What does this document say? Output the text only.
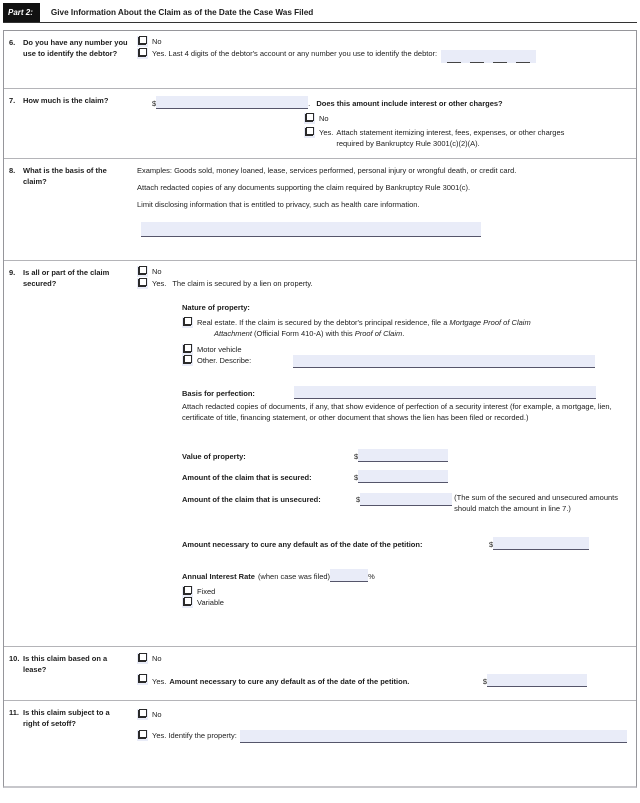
Part 2:	Give Information About the Claim as of the Date the Case Was Filed
6.	Do you have any number you use to identify the debtor?
No
Yes. Last 4 digits of the debtor's account or any number you use to identify the debtor:
7.	How much is the claim?	$	. Does this amount include interest or other charges?
No
Yes. Attach statement itemizing interest, fees, expenses, or other charges required by Bankruptcy Rule 3001(c)(2)(A).
8.	What is the basis of the claim?
Examples: Goods sold, money loaned, lease, services performed, personal injury or wrongful death, or credit card.
Attach redacted copies of any documents supporting the claim required by Bankruptcy Rule 3001(c).
Limit disclosing information that is entitled to privacy, such as health care information.
9.	Is all or part of the claim secured?
No
Yes. The claim is secured by a lien on property.
Nature of property:
Real estate. If the claim is secured by the debtor's principal residence, file a Mortgage Proof of Claim
Attachment (Official Form 410-A) with this Proof of Claim.
Motor vehicle
Other. Describe:
Basis for perfection:
Attach redacted copies of documents, if any, that show evidence of perfection of a security interest (for example, a mortgage, lien, certificate of title, financing statement, or other document that shows the lien has been filed or recorded.)
Value of property:	$
Amount of the claim that is secured:	$
Amount of the claim that is unsecured:	$	(The sum of the secured and unsecured amounts should match the amount in line 7.)
Amount necessary to cure any default as of the date of the petition:	$
Annual Interest Rate (when case was filed)	%
Fixed
Variable
10. Is this claim based on a lease?
No
Yes. Amount necessary to cure any default as of the date of the petition.	$
11. Is this claim subject to a right of setoff?
No
Yes. Identify the property:
